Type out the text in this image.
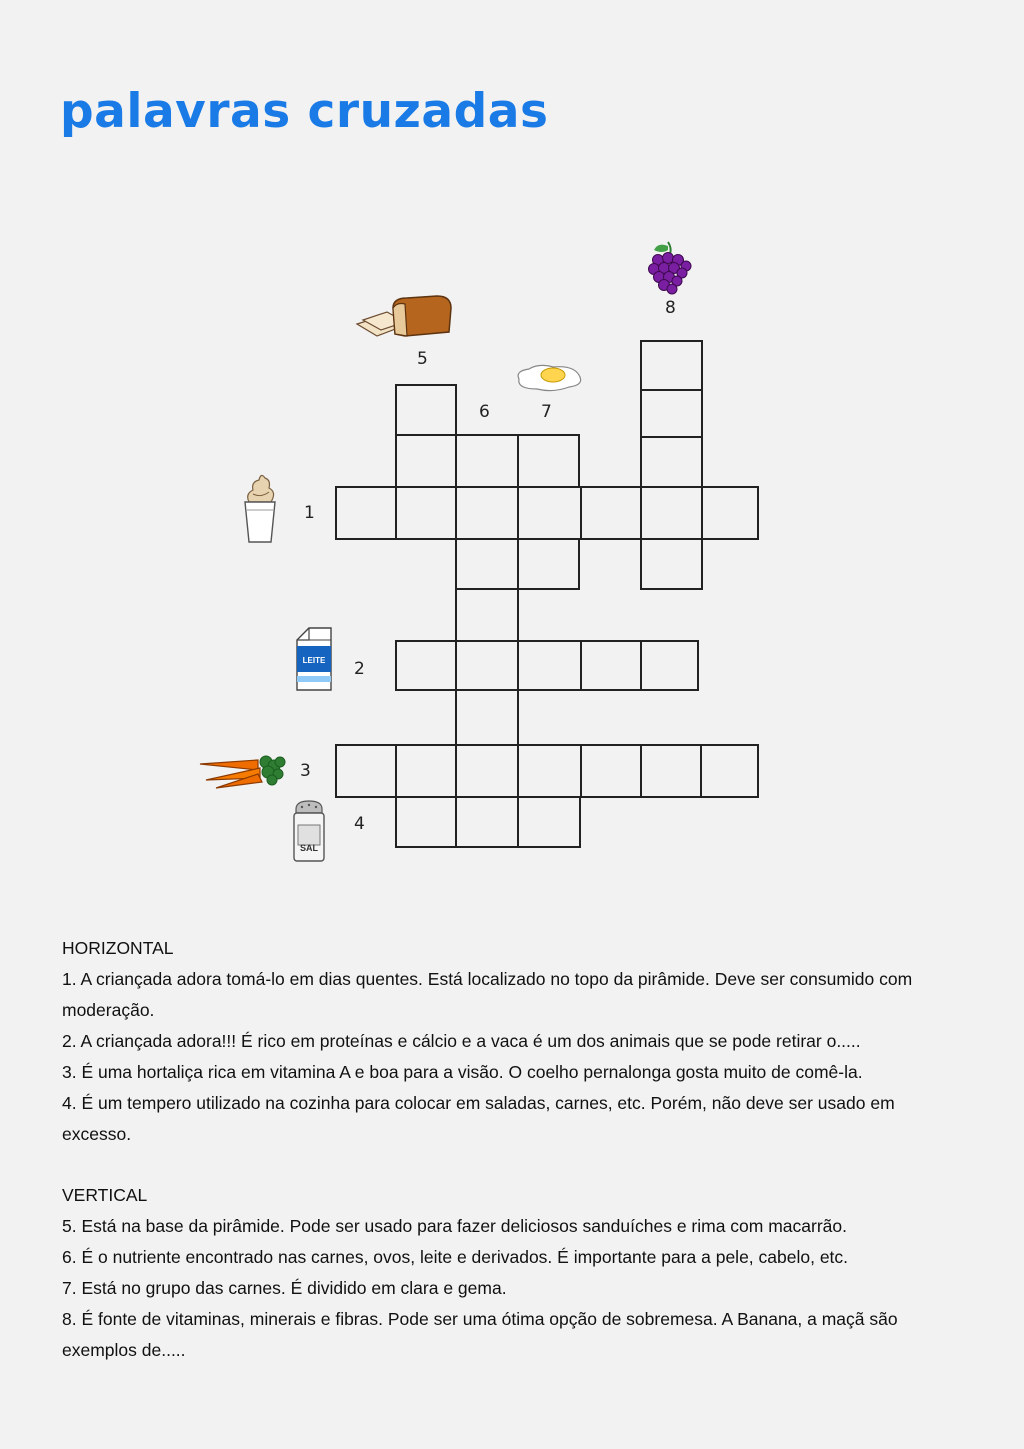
palavras cruzadas
1
2
3
4
5
6	7
8
LEITE
SAL

HORIZONTAL

1. A criançada adora tomá-lo em dias quentes. Está localizado no topo da pirâmide. Deve ser consumido com moderação.

2. A criançada adora!!! É rico em proteínas e cálcio e a vaca é um dos animais que se pode retirar o.....

3. É uma hortaliça rica em vitamina A e boa para a visão. O coelho pernalonga gosta muito de comê-la.

4. É um tempero utilizado na cozinha para colocar em saladas, carnes, etc. Porém, não deve ser usado em excesso.

VERTICAL

5. Está na base da pirâmide. Pode ser usado para fazer deliciosos sanduíches e rima com macarrão.

6. É o nutriente encontrado nas carnes, ovos, leite e derivados. É importante para a pele, cabelo, etc.

7. Está no grupo das carnes. É dividido em clara e gema.

8. É fonte de vitaminas, minerais e fibras. Pode ser uma ótima opção de sobremesa. A Banana, a maçã são exemplos de.....
